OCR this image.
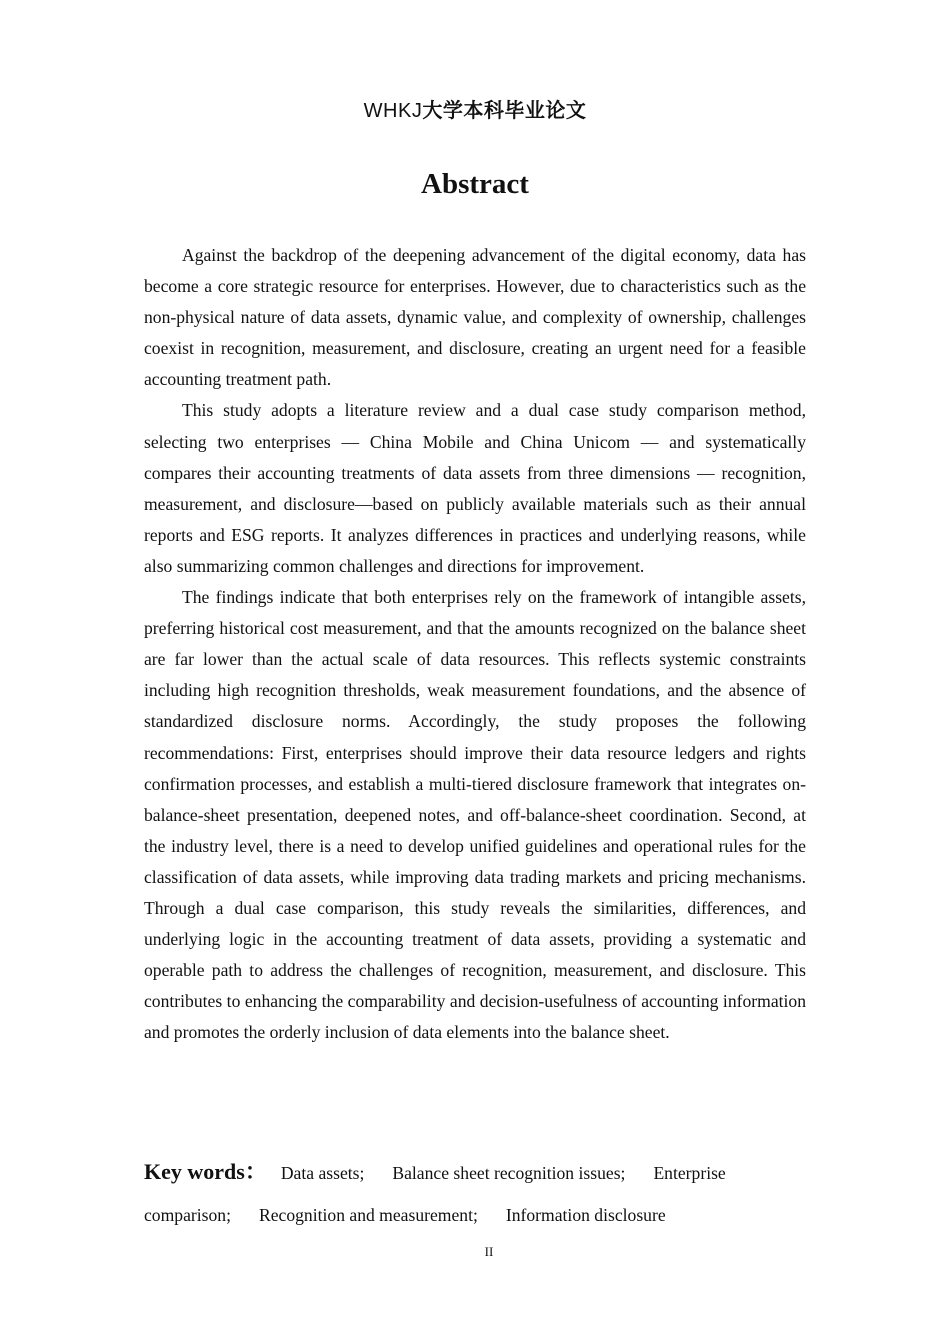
WHKJ大学本科毕业论文
Abstract

Against the backdrop of the deepening advancement of the digital economy, data has become a core strategic resource for enterprises. However, due to characteristics such as the non-physical nature of data assets, dynamic value, and complexity of ownership, challenges coexist in recognition, measurement, and disclosure, creating an urgent need for a feasible accounting treatment path.

This study adopts a literature review and a dual case study comparison method, selecting two enterprises — China Mobile and China Unicom — and systematically compares their accounting treatments of data assets from three dimensions — recognition, measurement, and disclosure—based on publicly available materials such as their annual reports and ESG reports. It analyzes differences in practices and underlying reasons, while also summarizing common challenges and directions for improvement.

The findings indicate that both enterprises rely on the framework of intangible assets, preferring historical cost measurement, and that the amounts recognized on the balance sheet are far lower than the actual scale of data resources. This reflects systemic constraints including high recognition thresholds, weak measurement foundations, and the absence of standardized disclosure norms. Accordingly, the study proposes the following recommendations: First, enterprises should improve their data resource ledgers and rights confirmation processes, and establish a multi-tiered disclosure framework that integrates on-balance-sheet presentation, deepened notes, and off-balance-sheet coordination. Second, at the industry level, there is a need to develop unified guidelines and operational rules for the classification of data assets, while improving data trading markets and pricing mechanisms. Through a dual case comparison, this study reveals the similarities, differences, and underlying logic in the accounting treatment of data assets, providing a systematic and operable path to address the challenges of recognition, measurement, and disclosure. This contributes to enhancing the comparability and decision-usefulness of accounting information and promotes the orderly inclusion of data elements into the balance sheet.

Key words： Data assets; Balance sheet recognition issues; Enterprise
comparison; Recognition and measurement; Information disclosure
II
